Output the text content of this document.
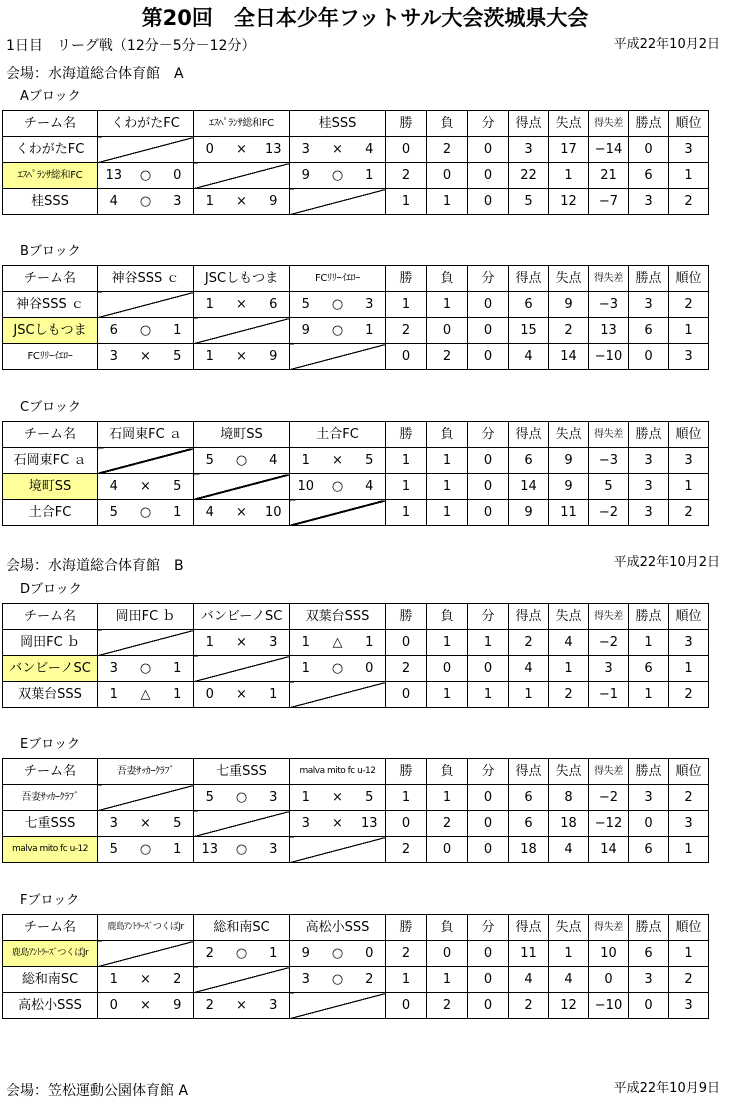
第20回　全日本少年フットサル大会茨城県大会
1日目　リーグ戦（12分－5分－12分）	平成22年10月2日
会場：水海道総合体育館　A
平成22年10月2日
会場：水海道総合体育館　B
平成22年10月9日
会場：笠松運動公園体育館 A
Aブロック
チーム名	くわがたFC			ｴｽﾍﾟﾗﾝｻ総和FC			桂SSS			勝	負	分	得点	失点	得失差	勝点	順位
くわがたFC				0	×	13	3	×	4	0	2	0	3	17	−14	0	3
ｴｽﾍﾟﾗﾝｻ総和FC	13	○	0				9	○	1	2	0	0	22	1	21	6	1
桂SSS	4	○	3	1	×	9				1	1	0	5	12	−7	3	2
Bブロック
チーム名	神谷SSS ｃ			JSCしもつま			FCﾘﾘｰｲｴﾛｰ			勝	負	分	得点	失点	得失差	勝点	順位
神谷SSS ｃ				1	×	6	5	○	3	1	1	0	6	9	−3	3	2
JSCしもつま	6	○	1				9	○	1	2	0	0	15	2	13	6	1
FCﾘﾘｰｲｴﾛｰ	3	×	5	1	×	9				0	2	0	4	14	−10	0	3
Cブロック
チーム名	石岡東FC ａ			境町SS			土合FC			勝	負	分	得点	失点	得失差	勝点	順位
石岡東FC ａ				5	○	4	1	×	5	1	1	0	6	9	−3	3	3
境町SS	4	×	5				10	○	4	1	1	0	14	9	5	3	1
土合FC	5	○	1	4	×	10				1	1	0	9	11	−2	3	2
Dブロック
チーム名	岡田FC ｂ			バンビーノSC			双葉台SSS			勝	負	分	得点	失点	得失差	勝点	順位
岡田FC ｂ				1	×	3	1	△	1	0	1	1	2	4	−2	1	3
バンビーノSC	3	○	1				1	○	0	2	0	0	4	1	3	6	1
双葉台SSS	1	△	1	0	×	1				0	1	1	1	2	−1	1	2
Eブロック
チーム名	吾妻ｻｯｶｰｸﾗﾌﾞ			七重SSS			malva mito fc u-12			勝	負	分	得点	失点	得失差	勝点	順位
吾妻ｻｯｶｰｸﾗﾌﾞ				5	○	3	1	×	5	1	1	0	6	8	−2	3	2
七重SSS	3	×	5				3	×	13	0	2	0	6	18	−12	0	3
malva mito fc u-12	5	○	1	13	○	3				2	0	0	18	4	14	6	1
Fブロック
チーム名	鹿島ｱﾝﾄﾗｰｽﾞつくばJr			総和南SC			高松小SSS			勝	負	分	得点	失点	得失差	勝点	順位
鹿島ｱﾝﾄﾗｰｽﾞつくばJr				2	○	1	9	○	0	2	0	0	11	1	10	6	1
総和南SC	1	×	2				3	○	2	1	1	0	4	4	0	3	2
高松小SSS	0	×	9	2	×	3				0	2	0	2	12	−10	0	3
